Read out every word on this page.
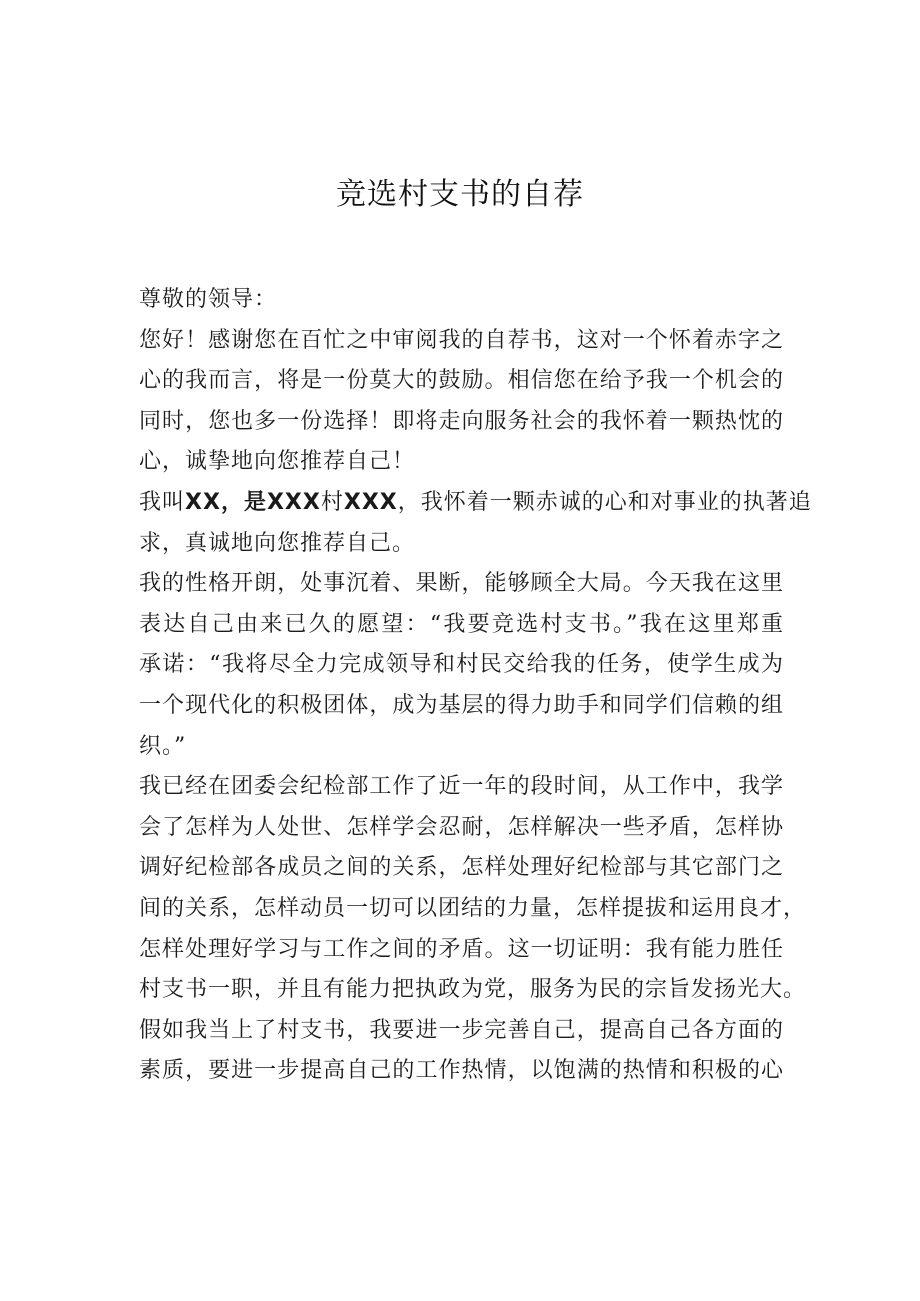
竞选村支书的自荐

尊敬的领导：

您好！感谢您在百忙之中审阅我的自荐书，这对一个怀着赤字之
心的我而言，将是一份莫大的鼓励。相信您在给予我一个机会的
同时，您也多一份选择！即将走向服务社会的我怀着一颗热忱的
心，诚挚地向您推荐自己！

我叫XX，是XXX村XXX，我怀着一颗赤诚的心和对事业的执著追
求，真诚地向您推荐自己。

我的性格开朗，处事沉着、果断，能够顾全大局。今天我在这里
表达自己由来已久的愿望：“我要竞选村支书。”我在这里郑重
承诺：“我将尽全力完成领导和村民交给我的任务，使学生成为
一个现代化的积极团体，成为基层的得力助手和同学们信赖的组
织。”

我已经在团委会纪检部工作了近一年的段时间，从工作中，我学
会了怎样为人处世、怎样学会忍耐，怎样解决一些矛盾，怎样协
调好纪检部各成员之间的关系，怎样处理好纪检部与其它部门之
间的关系，怎样动员一切可以团结的力量，怎样提拔和运用良才，
怎样处理好学习与工作之间的矛盾。这一切证明：我有能力胜任
村支书一职，并且有能力把执政为党，服务为民的宗旨发扬光大。

假如我当上了村支书，我要进一步完善自己，提高自己各方面的
素质，要进一步提高自己的工作热情，以饱满的热情和积极的心
